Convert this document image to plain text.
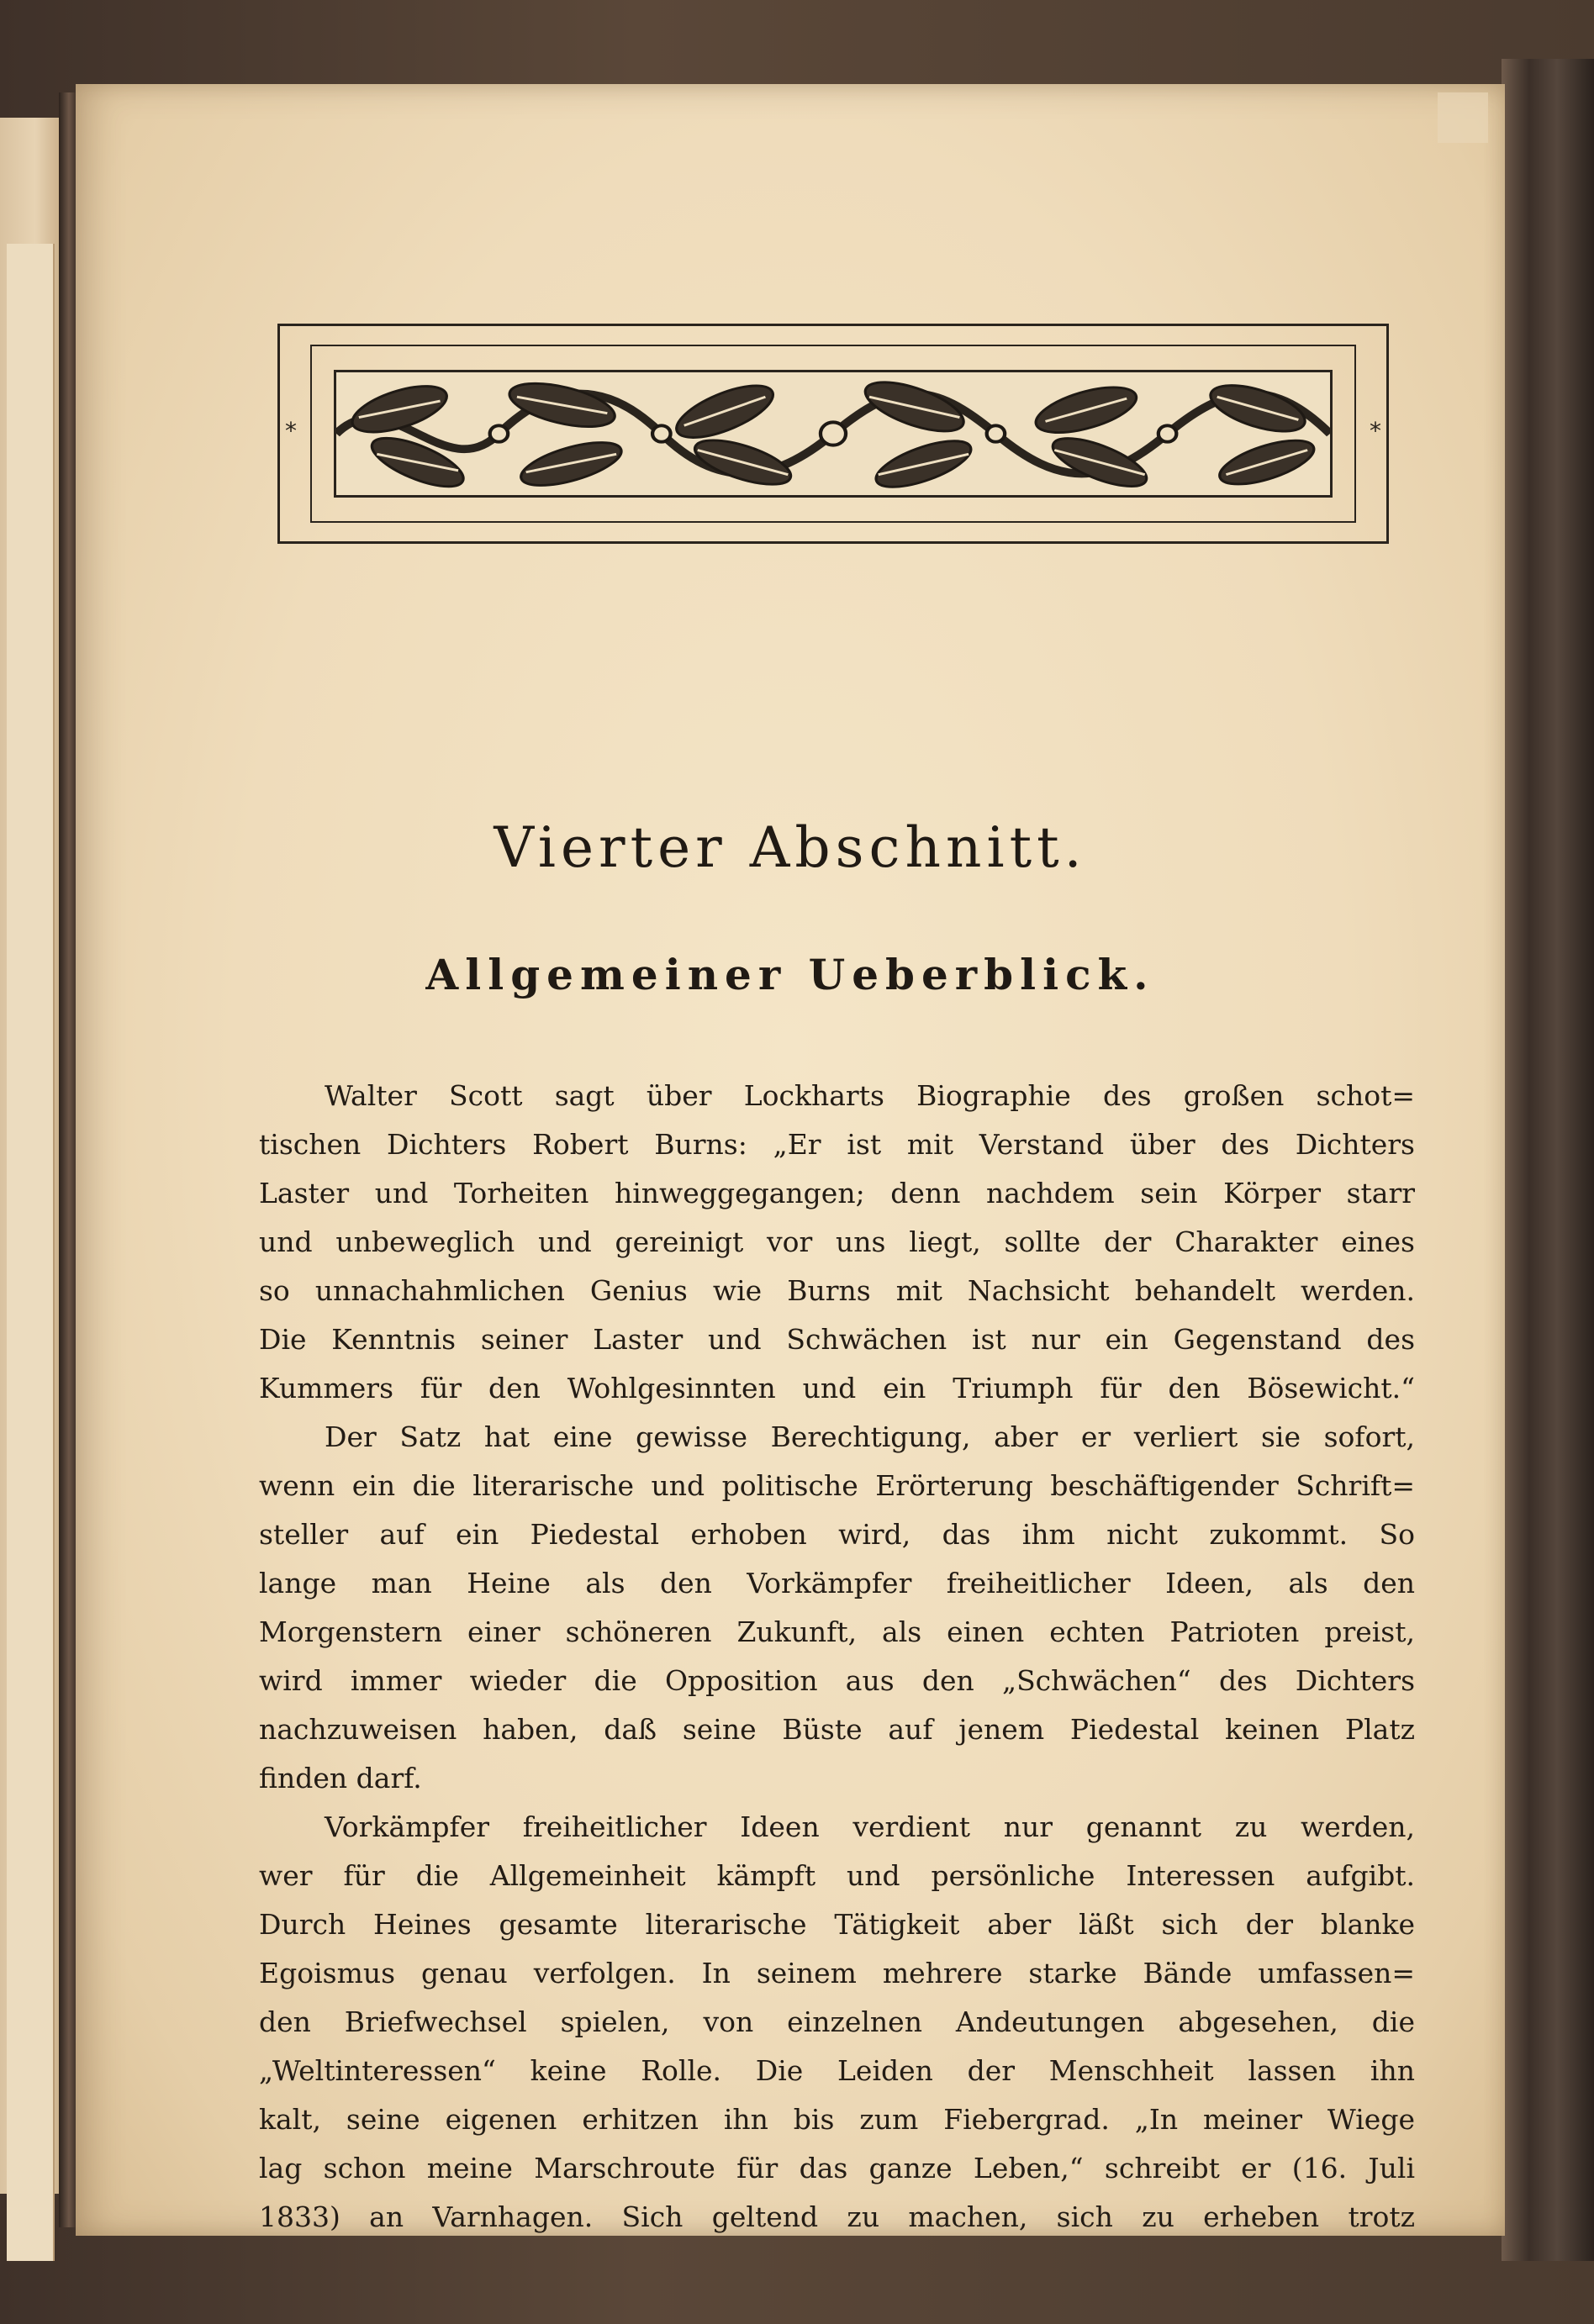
*	*
Vierter Abschnitt.
Allgemeiner Ueberblick.
Walter Scott sagt über Lockharts Biographie des großen schot=
tischen Dichters Robert Burns: „Er ist mit Verstand über des Dichters
Laster und Torheiten hinweggegangen; denn nachdem sein Körper starr
und unbeweglich und gereinigt vor uns liegt, sollte der Charakter eines
so unnachahmlichen Genius wie Burns mit Nachsicht behandelt werden.
Die Kenntnis seiner Laster und Schwächen ist nur ein Gegenstand des
Kummers für den Wohlgesinnten und ein Triumph für den Bösewicht.“
Der Satz hat eine gewisse Berechtigung, aber er verliert sie sofort,
wenn ein die literarische und politische Erörterung beschäftigender Schrift=
steller auf ein Piedestal erhoben wird, das ihm nicht zukommt. So
lange man Heine als den Vorkämpfer freiheitlicher Ideen, als den
Morgenstern einer schöneren Zukunft, als einen echten Patrioten preist,
wird immer wieder die Opposition aus den „Schwächen“ des Dichters
nachzuweisen haben, daß seine Büste auf jenem Piedestal keinen Platz
finden darf.
Vorkämpfer freiheitlicher Ideen verdient nur genannt zu werden,
wer für die Allgemeinheit kämpft und persönliche Interessen aufgibt.
Durch Heines gesamte literarische Tätigkeit aber läßt sich der blanke
Egoismus genau verfolgen. In seinem mehrere starke Bände umfassen=
den Briefwechsel spielen, von einzelnen Andeutungen abgesehen, die
„Weltinteressen“ keine Rolle. Die Leiden der Menschheit lassen ihn
kalt, seine eigenen erhitzen ihn bis zum Fiebergrad. „In meiner Wiege
lag schon meine Marschroute für das ganze Leben,“ schreibt er (16. Juli
1833) an Varnhagen. Sich geltend zu machen, sich zu erheben trotz
